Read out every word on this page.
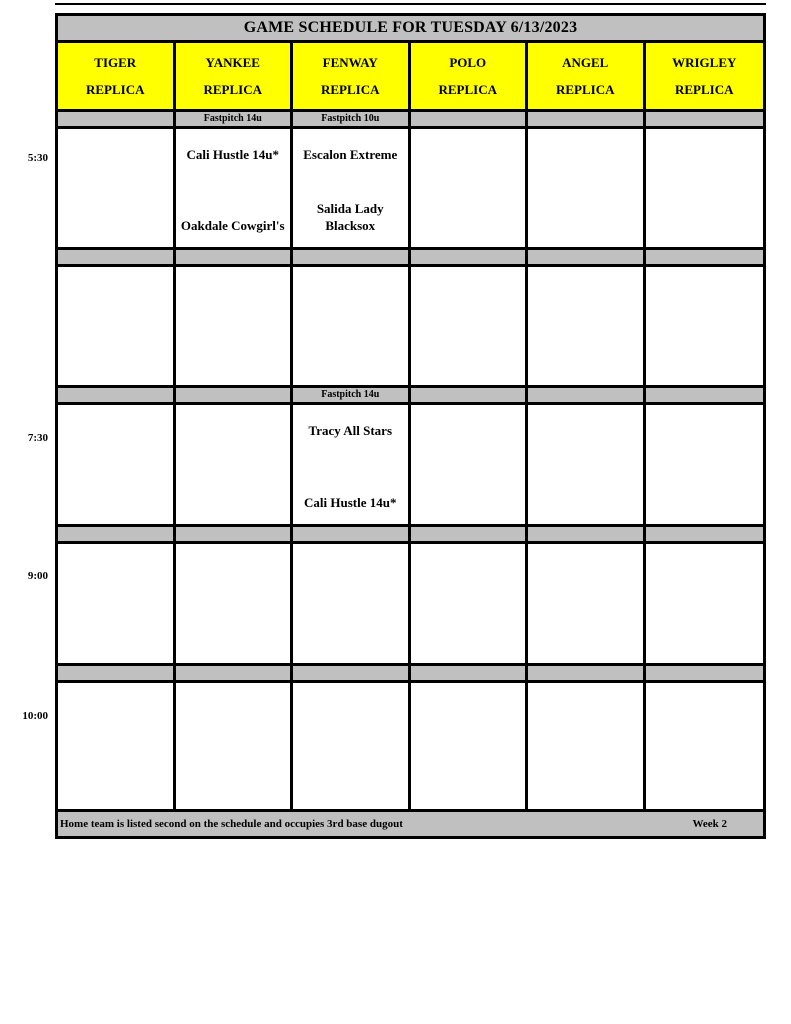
5:30
7:30
9:00
10:00
GAME SCHEDULE FOR TUESDAY 6/13/2023
TIGER
REPLICA
YANKEE
REPLICA
FENWAY
REPLICA
POLO
REPLICA
ANGEL
REPLICA
WRIGLEY
REPLICA
Fastpitch 14u	Fastpitch 10u
Cali Hustle 14u*
Oakdale Cowgirl's
Escalon Extreme
Salida Lady Blacksox
Fastpitch 14u
Tracy All Stars
Cali Hustle 14u*
Home team is listed second on the schedule and occupies 3rd base dugout	Week 2
